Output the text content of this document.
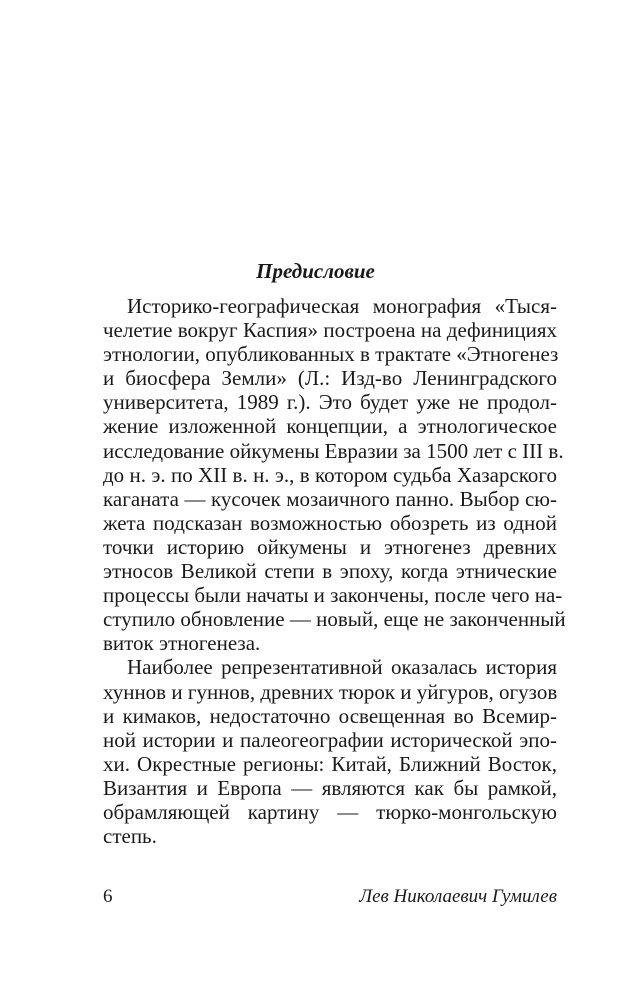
Предисловие
Историко-географическая монография «Тыся-
челетие вокруг Каспия» построена на дефинициях
этнологии, опубликованных в трактате «Этногенез
и биосфера Земли» (Л.: Изд-во Ленинградского
университета, 1989 г.). Это будет уже не продол-
жение изложенной концепции, а этнологическое
исследование ойкумены Евразии за 1500 лет с III в.
до н. э. по XII в. н. э., в котором судьба Хазарского
каганата — кусочек мозаичного панно. Выбор сю-
жета подсказан возможностью обозреть из одной
точки историю ойкумены и этногенез древних
этносов Великой степи в эпоху, когда этнические
процессы были начаты и закончены, после чего на-
ступило обновление — новый, еще не законченный
виток этногенеза.
Наиболее репрезентативной оказалась история
хуннов и гуннов, древних тюрок и уйгуров, огузов
и кимаков, недостаточно освещенная во Всемир-
ной истории и палеогеографии исторической эпо-
хи. Окрестные регионы: Китай, Ближний Восток,
Византия и Европа — являются как бы рамкой,
обрамляющей картину — тюрко-монгольскую
степь.
6	Лев Николаевич Гумилев
